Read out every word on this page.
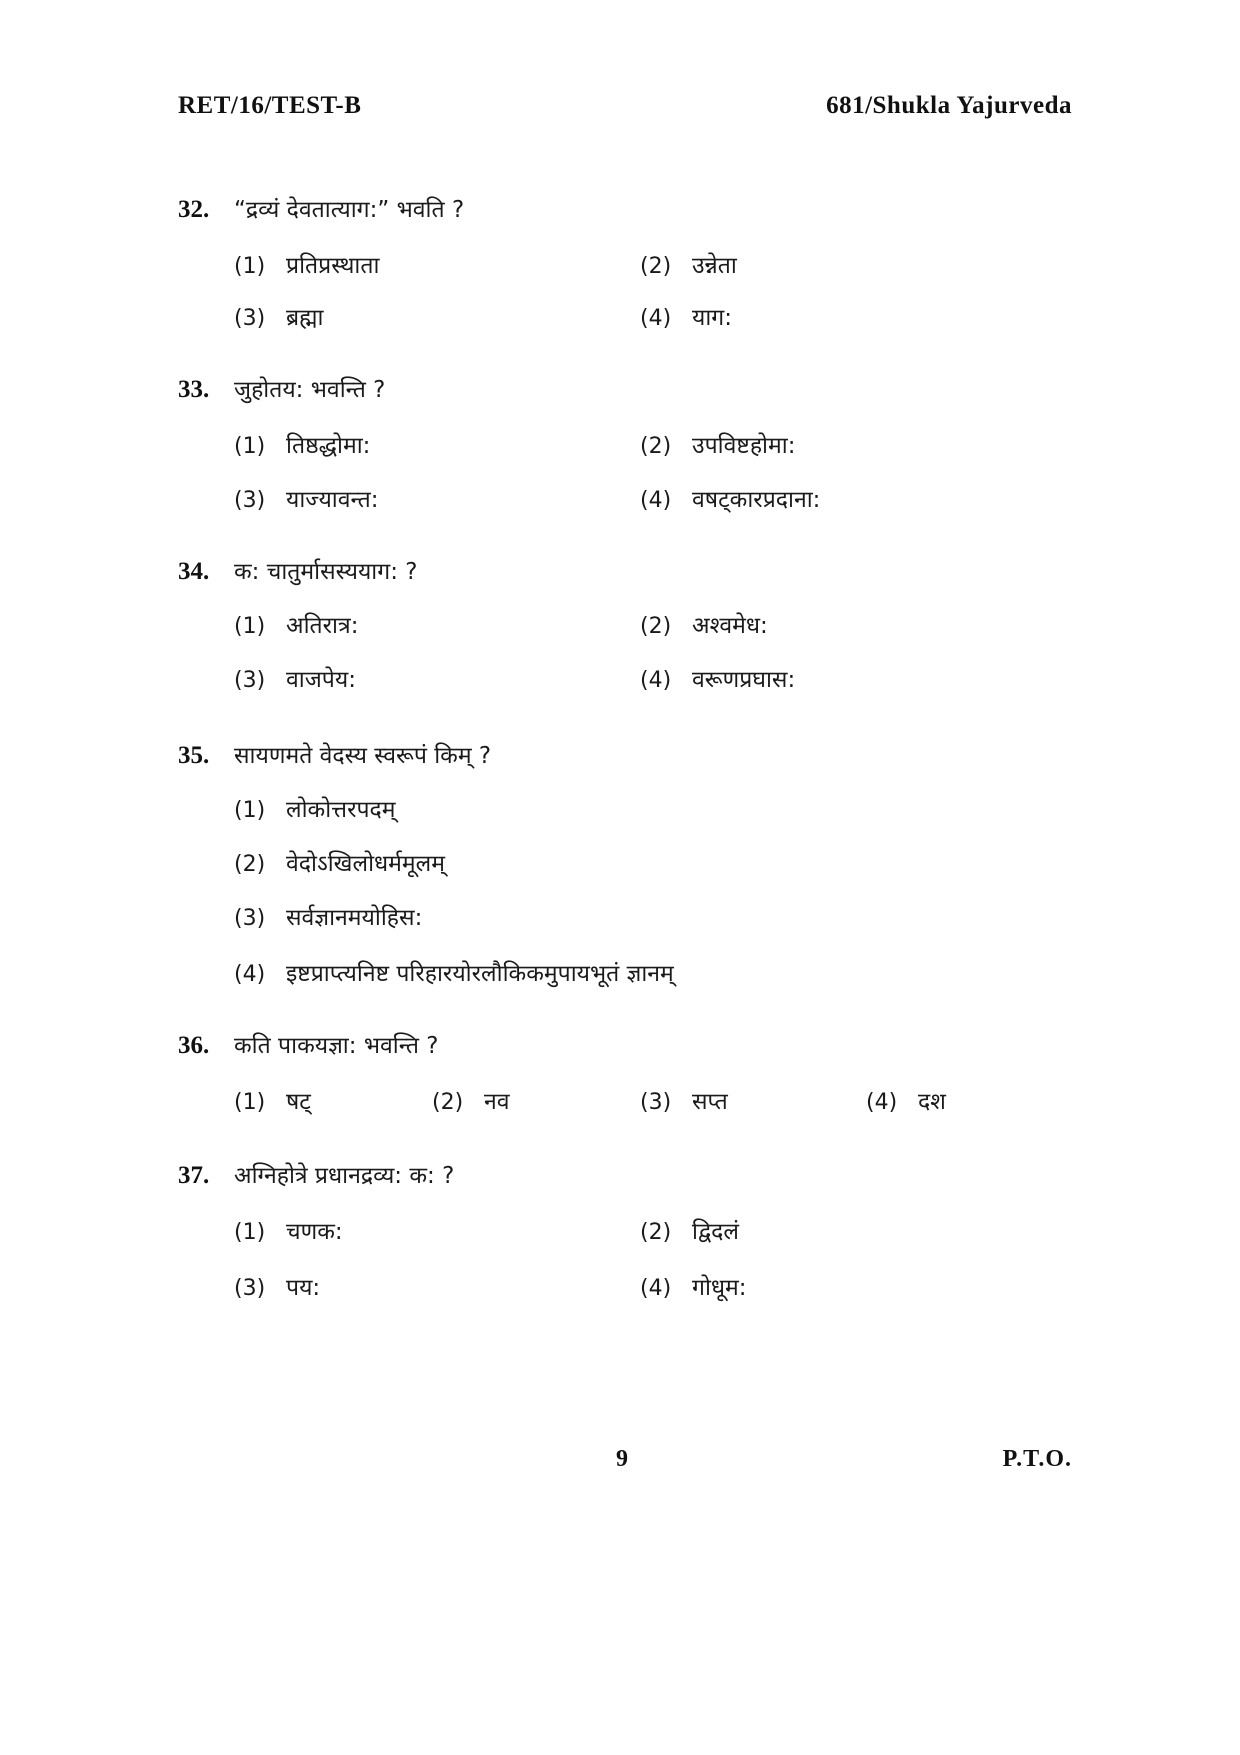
RET/16/TEST-B	681/Shukla Yajurveda
32. “द्रव्यं देवतात्याग:” भवति ?
(1) प्रतिप्रस्थाता	(2) उन्नेता
(3) ब्रह्मा	(4) याग:
33. जुहोतय: भवन्ति ?
(1) तिष्ठद्धोमा:	(2) उपविष्टहोमा:
(3) याज्यावन्त:	(4) वषट्कारप्रदाना:
34. क: चातुर्मासस्ययाग: ?
(1) अतिरात्र:	(2) अश्वमेध:
(3) वाजपेय:	(4) वरूणप्रघास:
35. सायणमते वेदस्य स्वरूपं किम् ?
(1) लोकोत्तरपदम्
(2) वेदोऽखिलोधर्ममूलम्
(3) सर्वज्ञानमयोहिस:
(4) इष्टप्राप्त्यनिष्ट परिहारयोरलौकिकमुपायभूतं ज्ञानम्
36. कति पाकयज्ञा: भवन्ति ?
(1) षट्	(2) नव	(3) सप्त	(4) दश
37. अग्निहोत्रे प्रधानद्रव्य: क: ?
(1) चणक:	(2) द्विदलं
(3) पय:	(4) गोधूम:
9	P.T.O.
